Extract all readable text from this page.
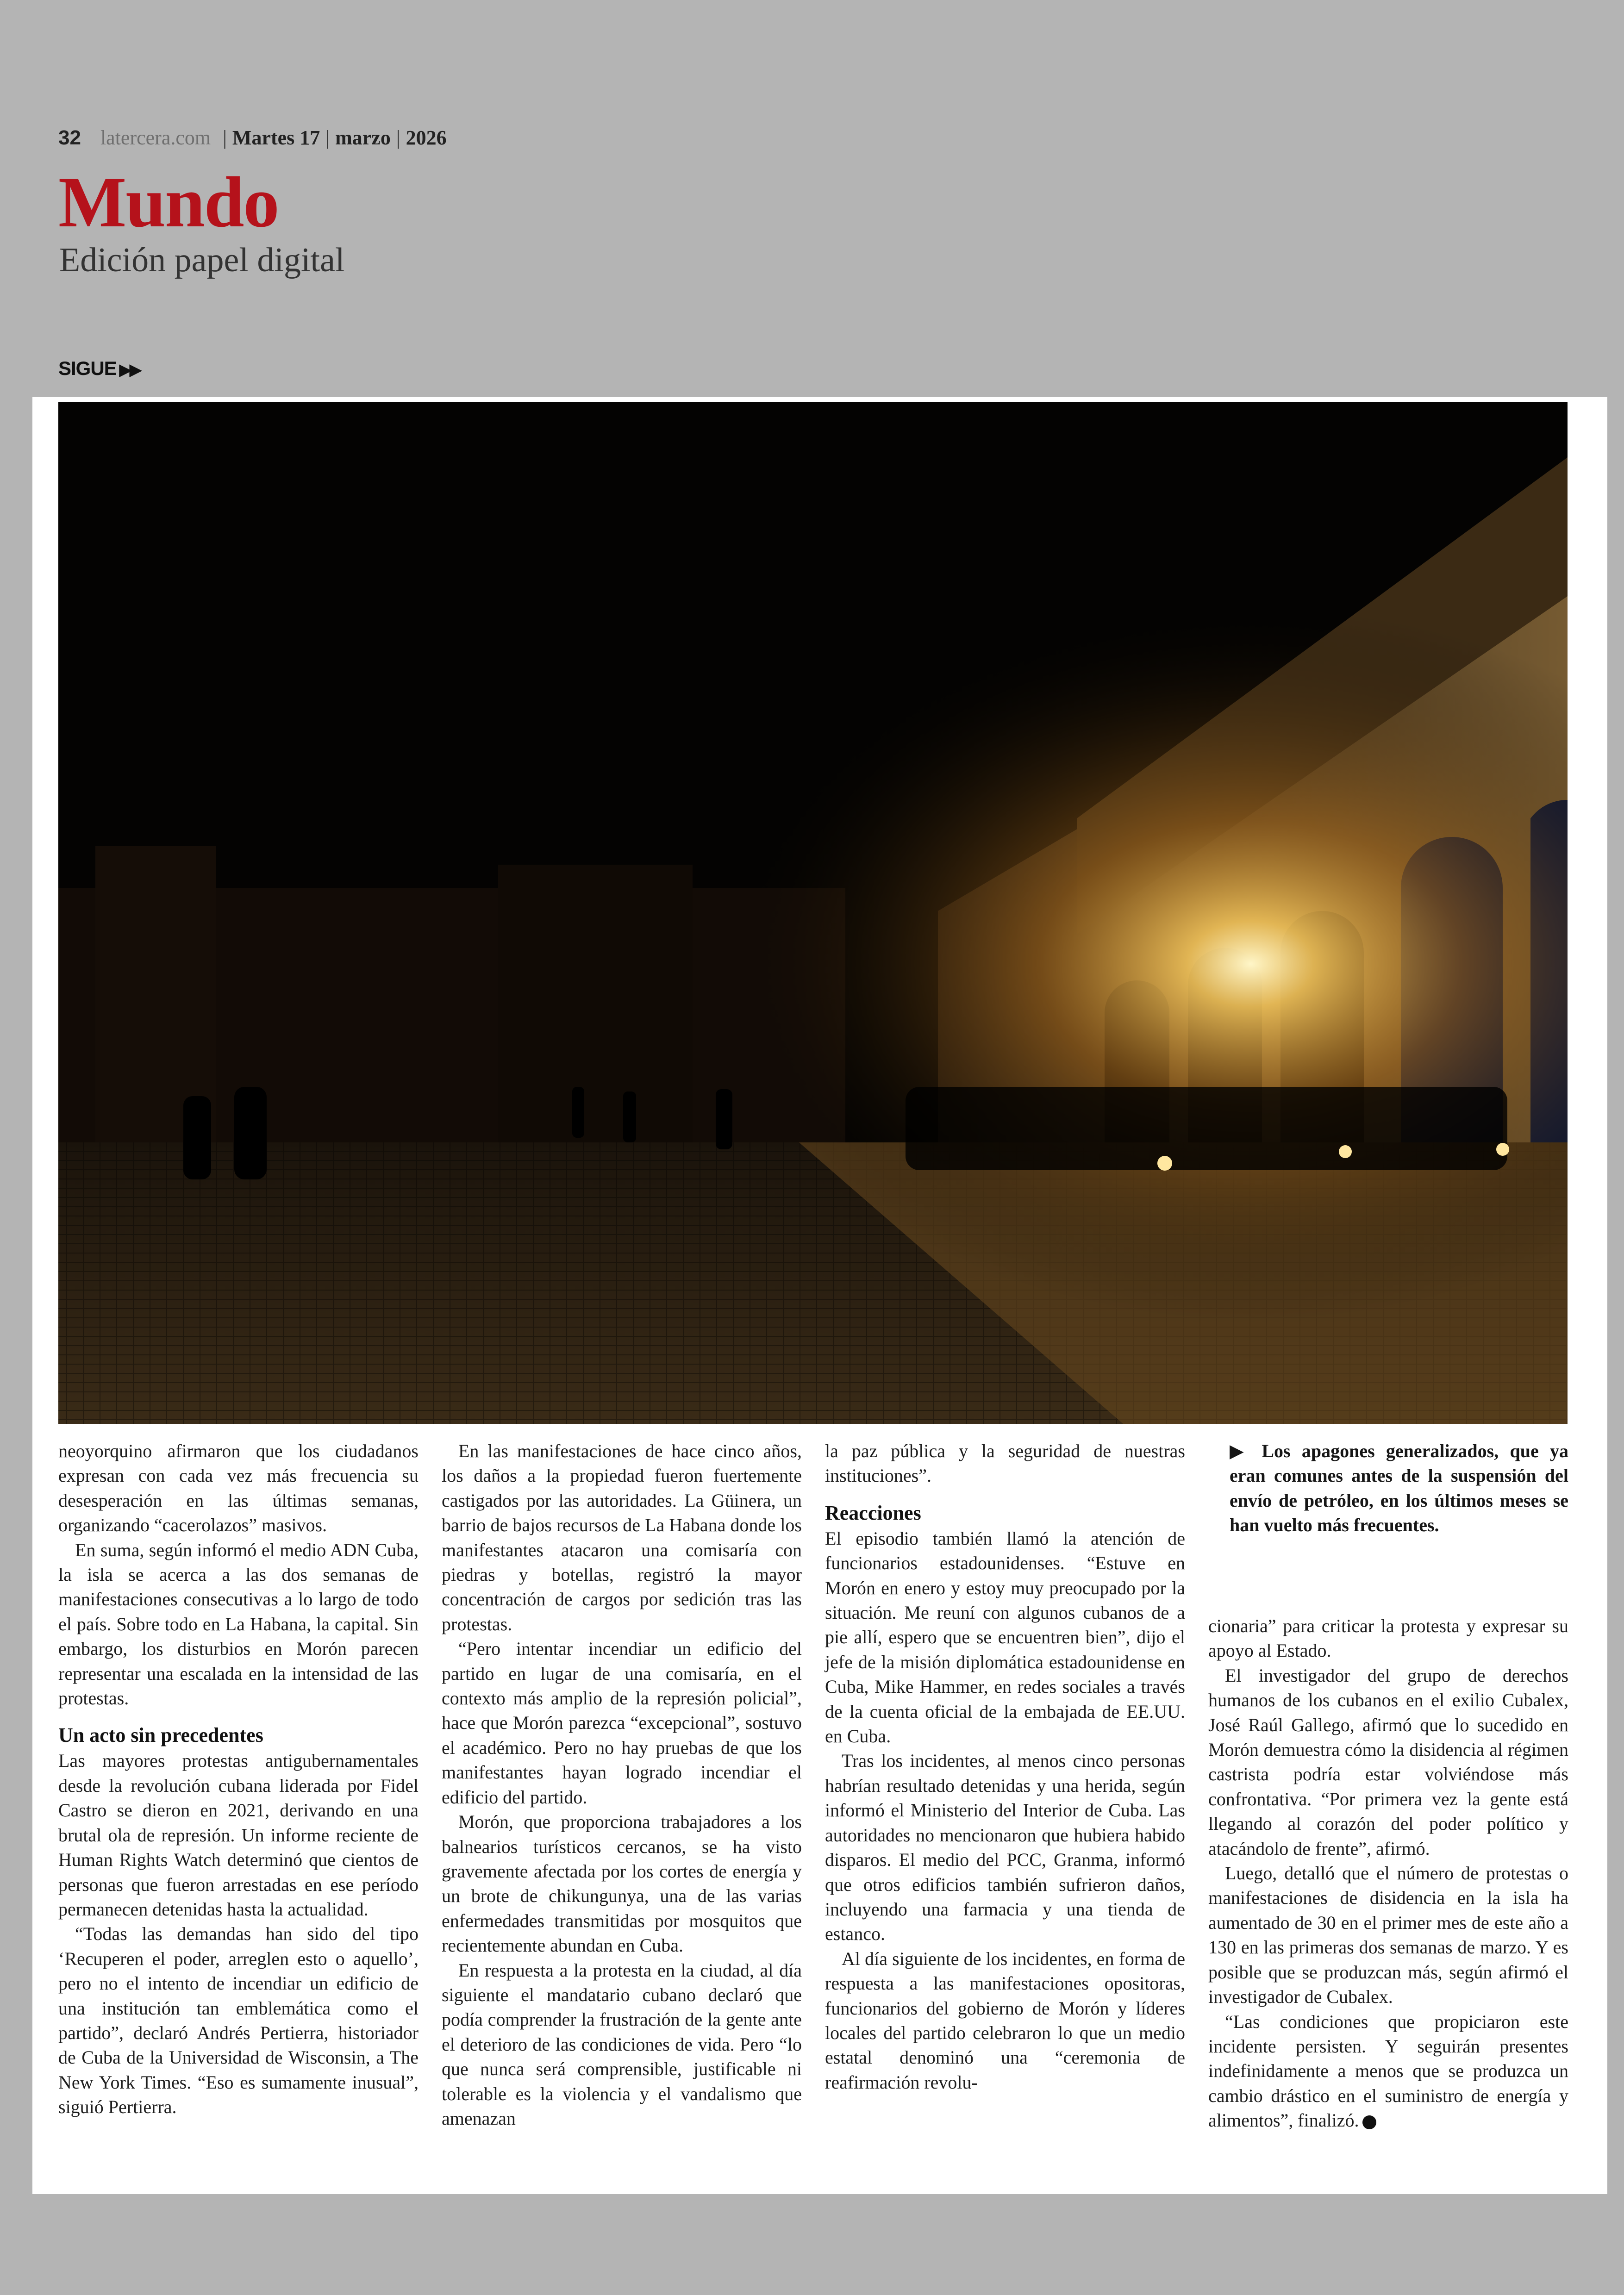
32 latercera.com | Martes 17 | marzo | 2026
Mundo
Edición papel digital
SIGUE ▶▶

neoyorquino afirmaron que los ciudadanos expresan con cada vez más frecuencia su desesperación en las últimas semanas, organizando “cacerolazos” masivos.

En suma, según informó el medio ADN Cuba, la isla se acerca a las dos semanas de manifestaciones consecutivas a lo largo de todo el país. Sobre todo en La Habana, la capital. Sin embargo, los disturbios en Morón parecen representar una escalada en la intensidad de las protestas.

Un acto sin precedentes

Las mayores protestas antigubernamentales desde la revolución cubana liderada por Fidel Castro se dieron en 2021, derivando en una brutal ola de represión. Un informe reciente de Human Rights Watch determinó que cientos de personas que fueron arrestadas en ese período permanecen detenidas hasta la actualidad.

“Todas las demandas han sido del tipo ‘Recuperen el poder, arreglen esto o aquello’, pero no el intento de incendiar un edificio de una institución tan emblemática como el partido”, declaró Andrés Pertierra, historiador de Cuba de la Universidad de Wisconsin, a The New York Times. “Eso es sumamente inusual”, siguió Pertierra.

En las manifestaciones de hace cinco años, los daños a la propiedad fueron fuertemente castigados por las autoridades. La Güinera, un barrio de bajos recursos de La Habana donde los manifestantes atacaron una comisaría con piedras y botellas, registró la mayor concentración de cargos por sedición tras las protestas.

“Pero intentar incendiar un edificio del partido en lugar de una comisaría, en el contexto más amplio de la represión policial”, hace que Morón parezca “excepcional”, sostuvo el académico. Pero no hay pruebas de que los manifestantes hayan logrado incendiar el edificio del partido.

Morón, que proporciona trabajadores a los balnearios turísticos cercanos, se ha visto gravemente afectada por los cortes de energía y un brote de chikungunya, una de las varias enfermedades transmitidas por mosquitos que recientemente abundan en Cuba.

En respuesta a la protesta en la ciudad, al día siguiente el mandatario cubano declaró que podía comprender la frustración de la gente ante el deterioro de las condiciones de vida. Pero “lo que nunca será comprensible, justificable ni tolerable es la violencia y el vandalismo que amenazan

la paz pública y la seguridad de nuestras instituciones”.

Reacciones

El episodio también llamó la atención de funcionarios estadounidenses. “Estuve en Morón en enero y estoy muy preocupado por la situación. Me reuní con algunos cubanos de a pie allí, espero que se encuentren bien”, dijo el jefe de la misión diplomática estadounidense en Cuba, Mike Hammer, en redes sociales a través de la cuenta oficial de la embajada de EE.UU. en Cuba.

Tras los incidentes, al menos cinco personas habrían resultado detenidas y una herida, según informó el Ministerio del Interior de Cuba. Las autoridades no mencionaron que hubiera habido disparos. El medio del PCC, Granma, informó que otros edificios también sufrieron daños, incluyendo una farmacia y una tienda de estanco.

Al día siguiente de los incidentes, en forma de respuesta a las manifestaciones opositoras, funcionarios del gobierno de Morón y líderes locales del partido celebraron lo que un medio estatal denominó una “ceremonia de reafirmación revolu-

▶ Los apagones generalizados, que ya eran comunes antes de la suspensión del envío de petróleo, en los últimos meses se han vuelto más frecuentes.

cionaria” para criticar la protesta y expresar su apoyo al Estado.

El investigador del grupo de derechos humanos de los cubanos en el exilio Cubalex, José Raúl Gallego, afirmó que lo sucedido en Morón demuestra cómo la disidencia al régimen castrista podría estar volviéndose más confrontativa. “Por primera vez la gente está llegando al corazón del poder político y atacándolo de frente”, afirmó.

Luego, detalló que el número de protestas o manifestaciones de disidencia en la isla ha aumentado de 30 en el primer mes de este año a 130 en las primeras dos semanas de marzo. Y es posible que se produzcan más, según afirmó el investigador de Cubalex.

“Las condiciones que propiciaron este incidente persisten. Y seguirán presentes indefinidamente a menos que se produzca un cambio drástico en el suministro de energía y alimentos”, finalizó.
